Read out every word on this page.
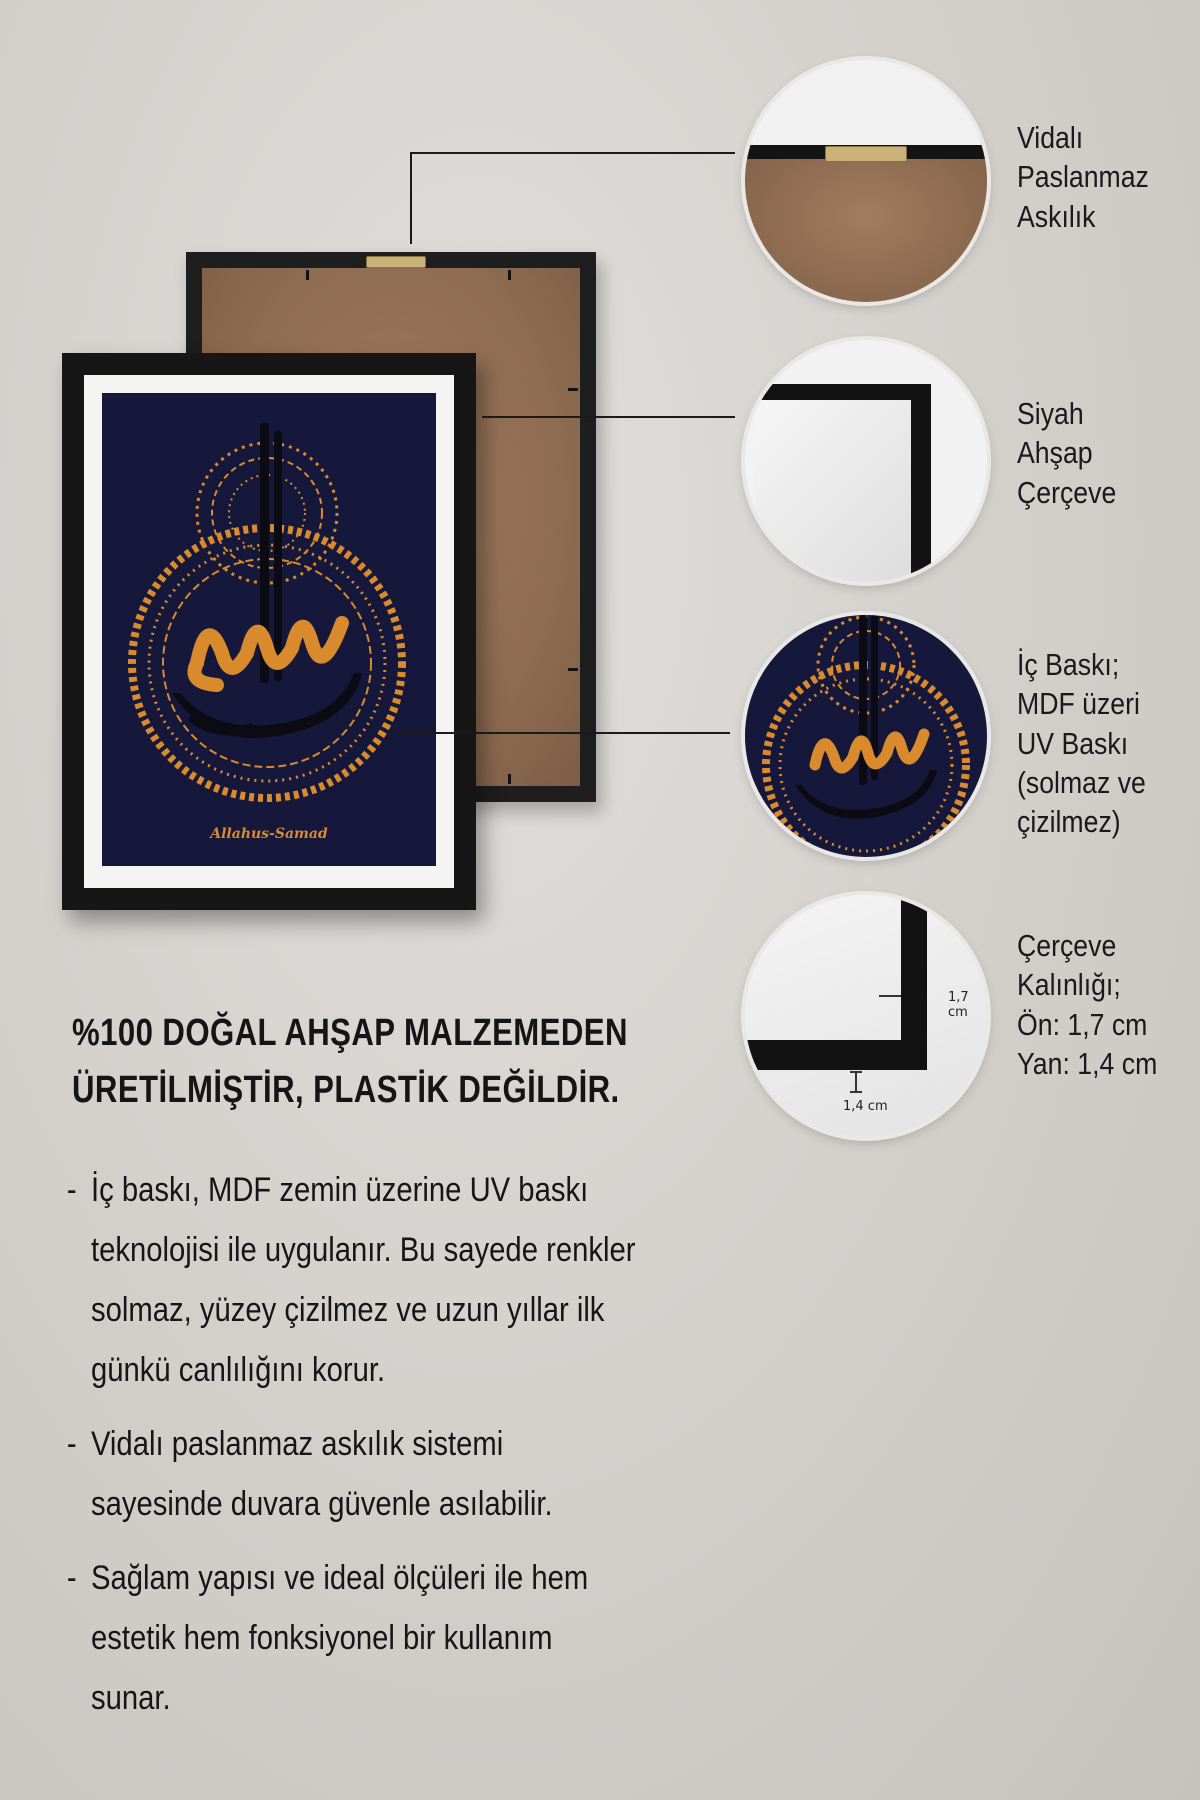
Allahus-Samad
Vidalı
Paslanmaz
Askılık
Siyah
Ahşap
Çerçeve
İç Baskı;
MDF üzeri
UV Baskı
(solmaz ve
çizilmez)
1,4 cm
1,7 cm
Çerçeve
Kalınlığı;
Ön: 1,7 cm
Yan: 1,4 cm
%100 DOĞAL AHŞAP MALZEMEDEN
ÜRETİLMİŞTİR, PLASTİK DEĞİLDİR.
- İç baskı, MDF zemin üzerine UV baskı
teknolojisi ile uygulanır. Bu sayede renkler
solmaz, yüzey çizilmez ve uzun yıllar ilk
günkü canlılığını korur.
- Vidalı paslanmaz askılık sistemi
sayesinde duvara güvenle asılabilir.
- Sağlam yapısı ve ideal ölçüleri ile hem
estetik hem fonksiyonel bir kullanım
sunar.
